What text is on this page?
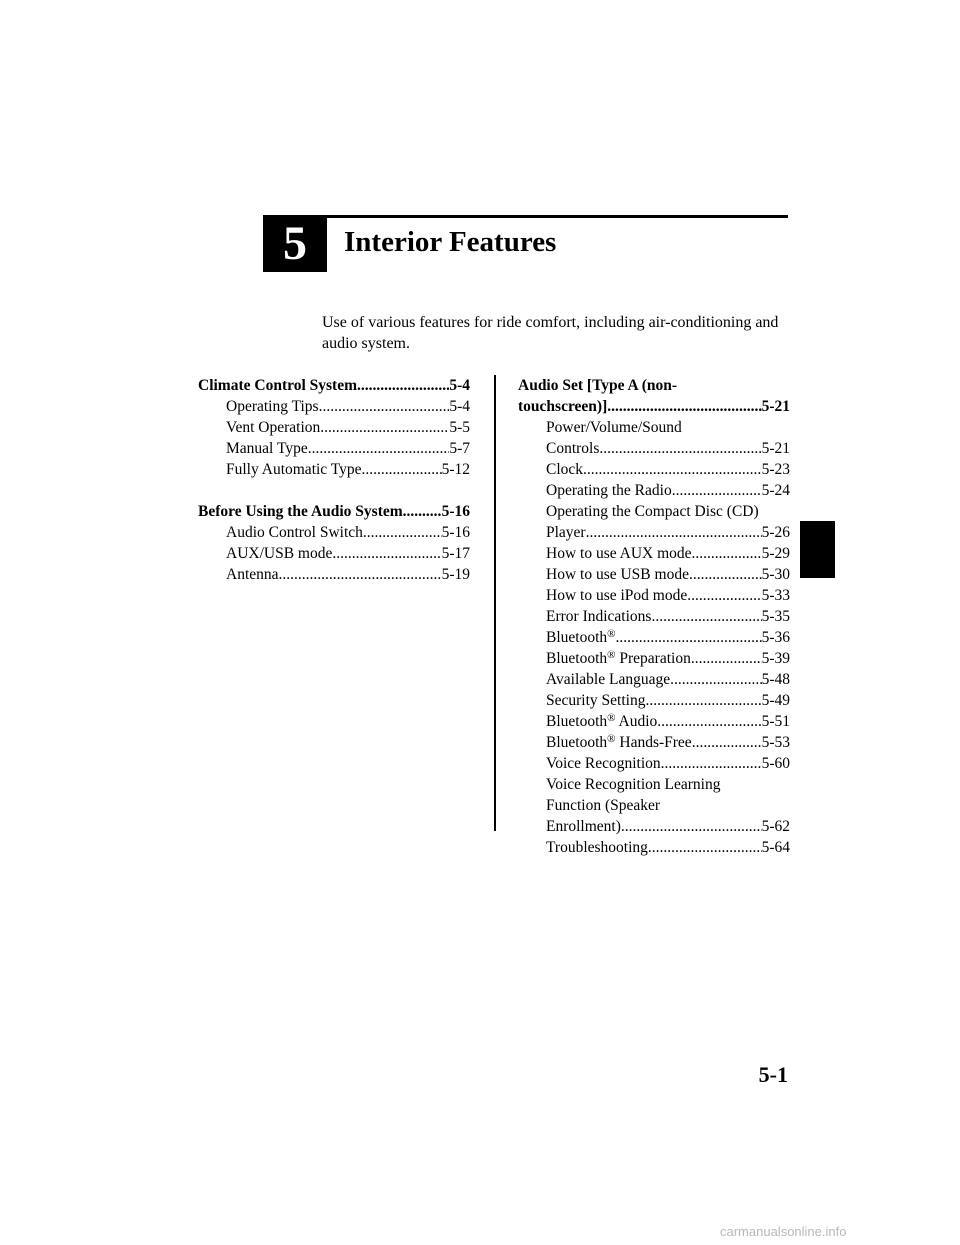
5 Interior Features
Use of various features for ride comfort, including air-conditioning and audio system.
Climate Control System .....	5-4
Operating Tips .....	5-4
Vent Operation .....	5-5
Manual Type .....	5-7
Fully Automatic Type .....	5-12
Before Using the Audio System .....	5-16
Audio Control Switch .....	5-16
AUX/USB mode .....	5-17
Antenna .....	5-19
Audio Set [Type A (non-
touchscreen)] .....	5-21
Power/Volume/Sound
Controls .....	5-21
Clock .....	5-23
Operating the Radio .....	5-24
Operating the Compact Disc (CD)
Player .....	5-26
How to use AUX mode .....	5-29
How to use USB mode .....	5-30
How to use iPod mode .....	5-33
Error Indications .....	5-35
Bluetooth® .....	5-36
Bluetooth® Preparation .....	5-39
Available Language .....	5-48
Security Setting .....	5-49
Bluetooth® Audio .....	5-51
Bluetooth® Hands-Free .....	5-53
Voice Recognition .....	5-60
Voice Recognition Learning
Function (Speaker
Enrollment) .....	5-62
Troubleshooting .....	5-64
5-1
carmanualsonline.info
